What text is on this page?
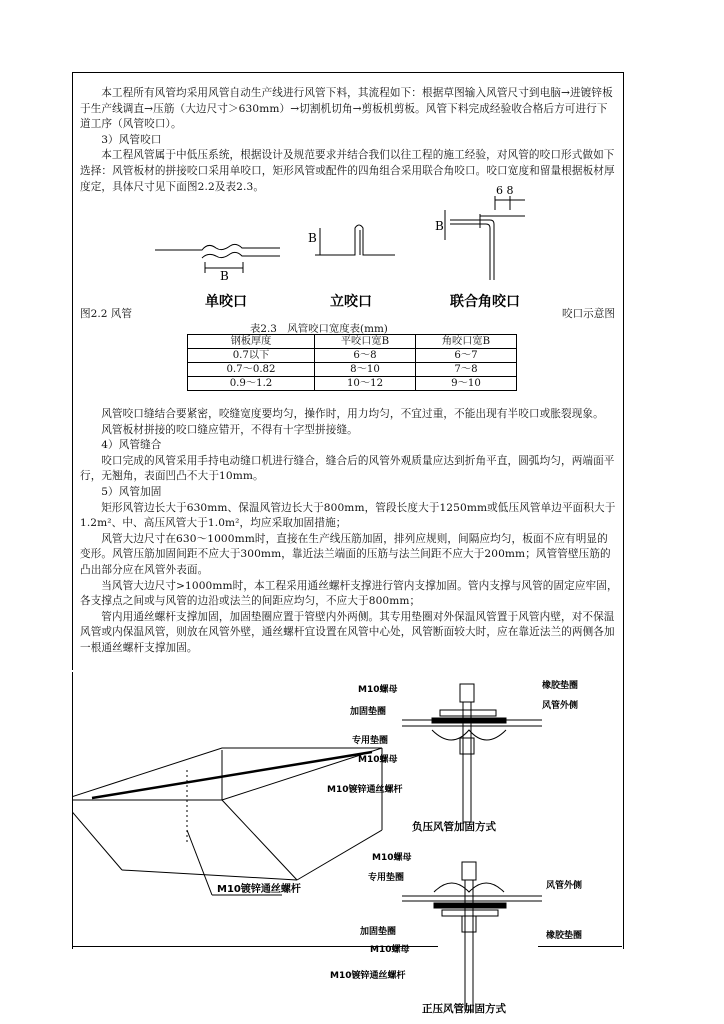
本工程所有风管均采用风管自动生产线进行风管下料，其流程如下：根据草图输入风管尺寸到电脑→进镀锌板于生产线调直→压筋（大边尺寸＞630mm）→切割机切角→剪板机剪板。风管下料完成经验收合格后方可进行下道工序（风管咬口）。

3）风管咬口

本工程风管属于中低压系统，根据设计及规范要求并结合我们以往工程的施工经验，对风管的咬口形式做如下选择：风管板材的拼接咬口采用单咬口，矩形风管或配件的四角组合采用联合角咬口。咬口宽度和留量根据板材厚度定，具体尺寸见下面图2.2及表2.3。

B
B
B
6 8
单咬口	立咬口	联合角咬口
图2.2 风管	咬口示意图
表2.3　风管咬口宽度表(mm)
钢板厚度	平咬口宽B	角咬口宽B
0.7以下	6～8	6～7
0.7～0.82	8～10	7～8
0.9～1.2	10～12	9～10

风管咬口缝结合要紧密，咬缝宽度要均匀，操作时，用力均匀，不宜过重，不能出现有半咬口或胀裂现象。

风管板材拼接的咬口缝应错开，不得有十字型拼接缝。

4）风管缝合

咬口完成的风管采用手持电动缝口机进行缝合，缝合后的风管外观质量应达到折角平直，圆弧均匀，两端面平行，无翘角，表面凹凸不大于10mm。

5）风管加固

矩形风管边长大于630mm、保温风管边长大于800mm，管段长度大于1250mm或低压风管单边平面积大于1.2m²、中、高压风管大于1.0m²，均应采取加固措施；

风管大边尺寸在630～1000mm时，直接在生产线压筋加固，排列应规则，间隔应均匀，板面不应有明显的变形。风管压筋加固间距不应大于300mm，靠近法兰端面的压筋与法兰间距不应大于200mm；风管管壁压筋的凸出部分应在风管外表面。

当风管大边尺寸>1000mm时，本工程采用通丝螺杆支撑进行管内支撑加固。管内支撑与风管的固定应牢固，各支撑点之间或与风管的边沿或法兰的间距应均匀，不应大于800mm；

管内用通丝螺杆支撑加固，加固垫圈应置于管壁内外两侧。其专用垫圈对外保温风管置于风管内壁，对不保温风管或内保温风管，则放在风管外壁，通丝螺杆宜设置在风管中心处，风管断面较大时，应在靠近法兰的两侧各加一根通丝螺杆支撑加固。

M10镀锌通丝螺杆
M10螺母
加固垫圈
专用垫圈
M10螺母
M10镀锌通丝螺杆
橡胶垫圈
风管外侧
负压风管加固方式
M10螺母
专用垫圈
加固垫圈
M10螺母
M10镀锌通丝螺杆
风管外侧
橡胶垫圈
正压风管加固方式
